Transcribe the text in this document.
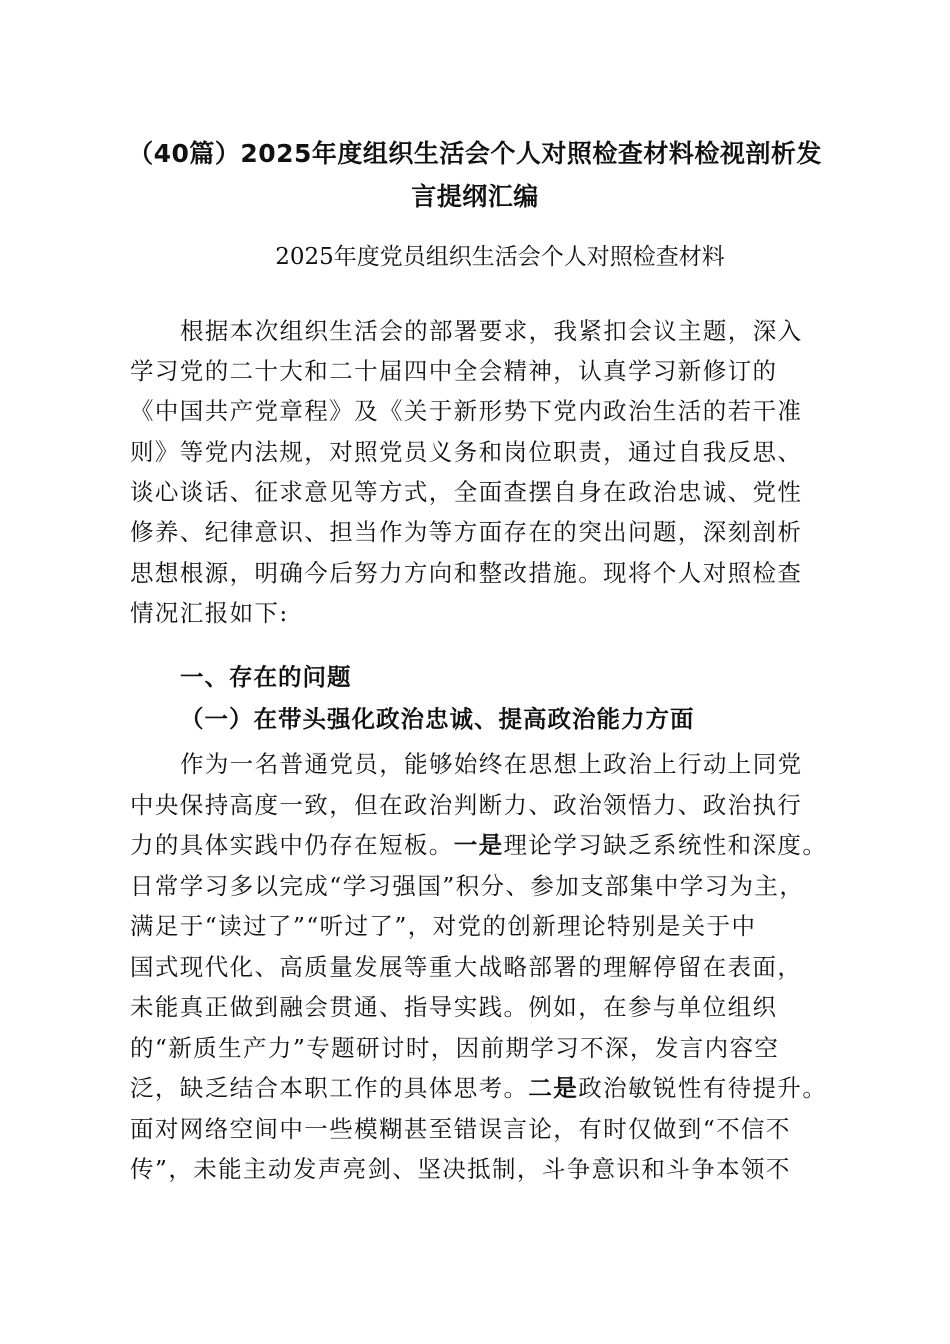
（40篇）2025年度组织生活会个人对照检查材料检视剖析发
言提纲汇编
2025年度党员组织生活会个人对照检查材料
根据本次组织生活会的部署要求，我紧扣会议主题，深入
学习党的二十大和二十届四中全会精神，认真学习新修订的
《中国共产党章程》及《关于新形势下党内政治生活的若干准
则》等党内法规，对照党员义务和岗位职责，通过自我反思、
谈心谈话、征求意见等方式，全面查摆自身在政治忠诚、党性
修养、纪律意识、担当作为等方面存在的突出问题，深刻剖析
思想根源，明确今后努力方向和整改措施。现将个人对照检查
情况汇报如下:
一、存在的问题
（一）在带头强化政治忠诚、提高政治能力方面
作为一名普通党员，能够始终在思想上政治上行动上同党
中央保持高度一致，但在政治判断力、政治领悟力、政治执行
力的具体实践中仍存在短板。一是理论学习缺乏系统性和深度。
日常学习多以完成“学习强国”积分、参加支部集中学习为主，
满足于“读过了”“听过了”，对党的创新理论特别是关于中
国式现代化、高质量发展等重大战略部署的理解停留在表面，
未能真正做到融会贯通、指导实践。例如，在参与单位组织
的“新质生产力”专题研讨时，因前期学习不深，发言内容空
泛，缺乏结合本职工作的具体思考。二是政治敏锐性有待提升。
面对网络空间中一些模糊甚至错误言论，有时仅做到“不信不
传”，未能主动发声亮剑、坚决抵制，斗争意识和斗争本领不
